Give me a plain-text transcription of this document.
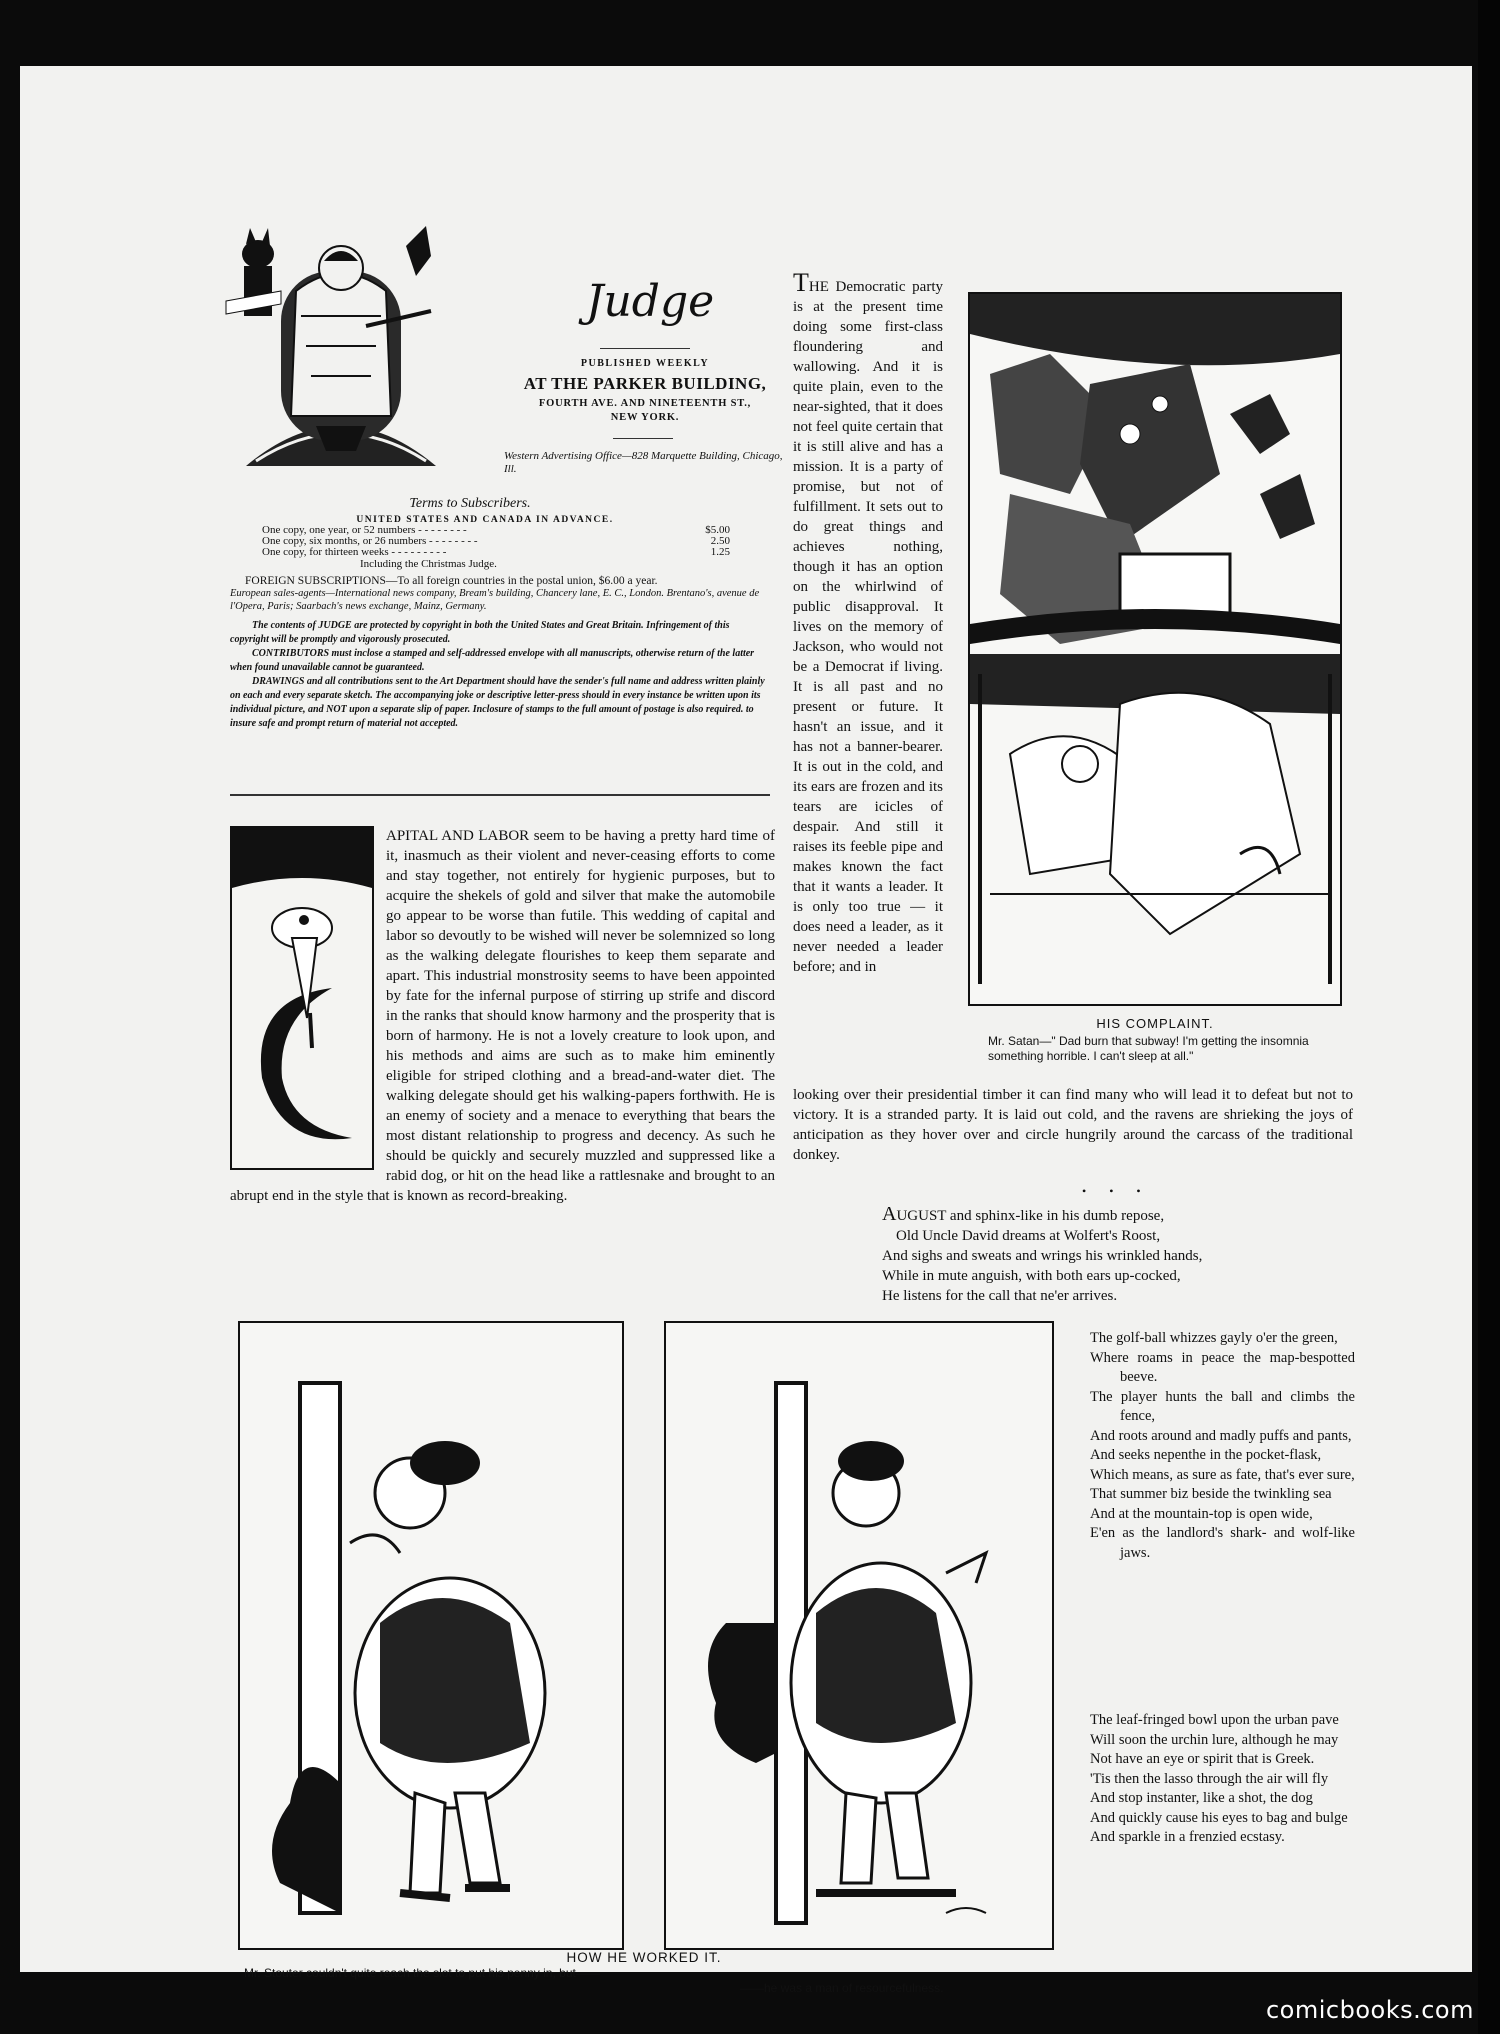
Judge
PUBLISHED WEEKLY
AT THE PARKER BUILDING,
FOURTH AVE. AND NINETEENTH ST.,
NEW YORK.
Western Advertising Office—828 Marquette Building, Chicago, Ill.
Terms to Subscribers.
UNITED STATES AND CANADA IN ADVANCE.
One copy, one year, or 52 numbers - - - - - - - -	$5.00
One copy, six months, or 26 numbers - - - - - - - -	2.50
One copy, for thirteen weeks - - - - - - - - -	1.25
Including the Christmas Judge.
FOREIGN SUBSCRIPTIONS—To all foreign countries in the postal union, $6.00 a year.
European sales-agents—International news company, Bream's building, Chancery lane, E. C., London. Brentano's, avenue de l'Opera, Paris; Saarbach's news exchange, Mainz, Germany.

The contents of JUDGE are protected by copyright in both the United States and Great Britain. Infringement of this copyright will be promptly and vigorously prosecuted.

CONTRIBUTORS must inclose a stamped and self-addressed envelope with all manuscripts, otherwise return of the latter when found unavailable cannot be guaranteed.

DRAWINGS and all contributions sent to the Art Department should have the sender's full name and address written plainly on each and every separate sketch. The accompanying joke or descriptive letter-press should in every instance be written upon its individual picture, and NOT upon a separate slip of paper. Inclosure of stamps to the full amount of postage is also required. to insure safe and prompt return of material not accepted.

THE Democratic party is at the present time doing some first-class floundering and wallowing. And it is quite plain, even to the near-sighted, that it does not feel quite certain that it is still alive and has a mission. It is a party of promise, but not of fulfillment. It sets out to do great things and achieves nothing, though it has an option on the whirlwind of public disapproval. It lives on the memory of Jackson, who would not be a Democrat if living. It is all past and no present or future. It hasn't an issue, and it has not a banner-bearer. It is out in the cold, and its ears are frozen and its tears are icicles of despair. And still it raises its feeble pipe and makes known the fact that it wants a leader. It is only too true — it does need a leader, as it never needed a leader before; and in
looking over their presidential timber it can find many who will lead it to defeat but not to victory. It is a stranded party. It is laid out cold, and the ravens are shrieking the joys of anticipation as they hover over and circle hungrily around the carcass of the traditional donkey.
• • •
HIS COMPLAINT.
Mr. Satan—" Dad burn that subway! I'm getting the insomnia something horrible. I can't sleep at all."
APITAL AND LABOR seem to be having a pretty hard time of it, inasmuch as their violent and never-ceasing efforts to come and stay together, not entirely for hygienic purposes, but to acquire the shekels of gold and silver that make the automobile go appear to be worse than futile. This wedding of capital and labor so devoutly to be wished will never be solemnized so long as the walking delegate flourishes to keep them separate and apart. This industrial monstrosity seems to have been appointed by fate for the infernal purpose of stirring up strife and discord in the ranks that should know harmony and the prosperity that is born of harmony. He is not a lovely creature to look upon, and his methods and aims are such as to make him eminently eligible for striped clothing and a bread-and-water diet. The walking delegate should get his walking-papers forthwith. He is an enemy of society and a menace to everything that bears the most distant relationship to progress and decency. As such he should be quickly and securely muzzled and suppressed like a rabid dog, or hit on the head like a rattlesnake and brought to an abrupt end in the style that is known as record-breaking.
AUGUST and sphinx-like in his dumb repose,
Old Uncle David dreams at Wolfert's Roost,
And sighs and sweats and wrings his wrinkled hands,
While in mute anguish, with both ears up-cocked,
He listens for the call that ne'er arrives.
HOW HE WORKED IT.
Mr. Stouter couldn't quite reach the slot to put his penny in, but——
——he was a man of resourcefulness.
The golf-ball whizzes gayly o'er the green,
Where roams in peace the map-bespotted beeve.
The player hunts the ball and climbs the fence,
And roots around and madly puffs and pants,
And seeks nepenthe in the pocket-flask,
Which means, as sure as fate, that's ever sure,
That summer biz beside the twinkling sea
And at the mountain-top is open wide,
E'en as the landlord's shark- and wolf-like jaws.
The leaf-fringed bowl upon the urban pave
Will soon the urchin lure, although he may
Not have an eye or spirit that is Greek.
'Tis then the lasso through the air will fly
And stop instanter, like a shot, the dog
And quickly cause his eyes to bag and bulge
And sparkle in a frenzied ecstasy.
comicbooks.com
